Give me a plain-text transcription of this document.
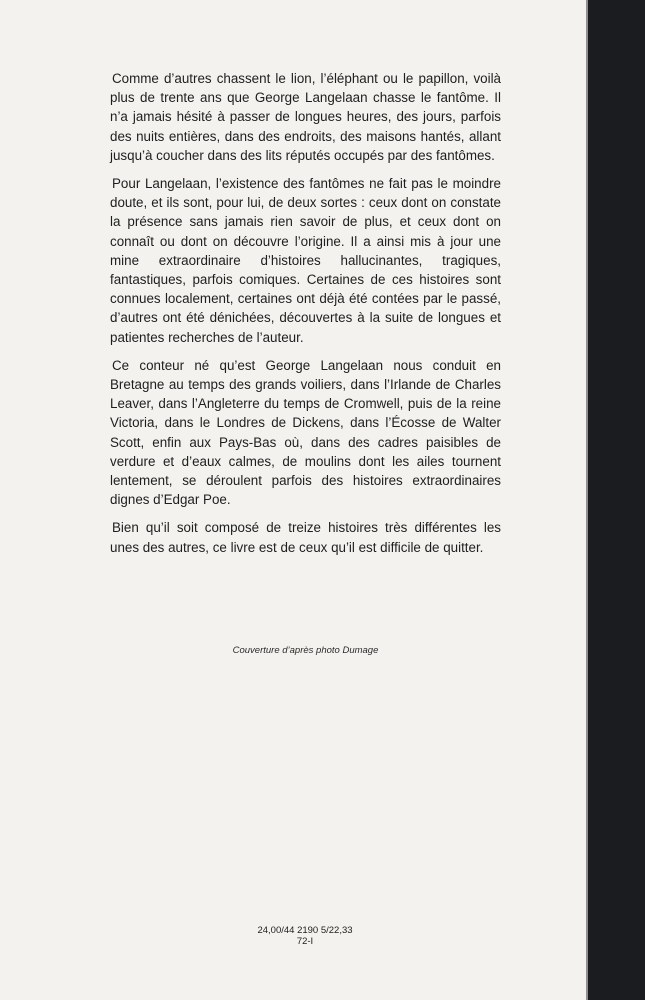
Comme d’autres chassent le lion, l’éléphant ou le papillon, voilà plus de trente ans que George Langelaan chasse le fantôme. Il n’a jamais hésité à passer de longues heures, des jours, parfois des nuits entières, dans des endroits, des maisons hantés, allant jusqu’à coucher dans des lits réputés occupés par des fantômes.

Pour Langelaan, l’existence des fantômes ne fait pas le moindre doute, et ils sont, pour lui, de deux sortes : ceux dont on constate la présence sans jamais rien savoir de plus, et ceux dont on connaît ou dont on découvre l’origine. Il a ainsi mis à jour une mine extraordinaire d’histoires hallucinantes, tragiques, fantastiques, parfois comiques. Certaines de ces histoires sont connues localement, certaines ont déjà été contées par le passé, d’autres ont été dénichées, découvertes à la suite de longues et patientes recherches de l’auteur.

Ce conteur né qu’est George Langelaan nous conduit en Bretagne au temps des grands voiliers, dans l’Irlande de Charles Leaver, dans l’Angleterre du temps de Cromwell, puis de la reine Victoria, dans le Londres de Dickens, dans l’Écosse de Walter Scott, enfin aux Pays-Bas où, dans des cadres paisibles de verdure et d’eaux calmes, de moulins dont les ailes tournent lentement, se déroulent parfois des histoires extraordinaires dignes d’Edgar Poe.

Bien qu’il soit composé de treize histoires très différentes les unes des autres, ce livre est de ceux qu’il est difficile de quitter.

Couverture d’après photo Dumage
24,00/44 2190 5/22,33
72-I
